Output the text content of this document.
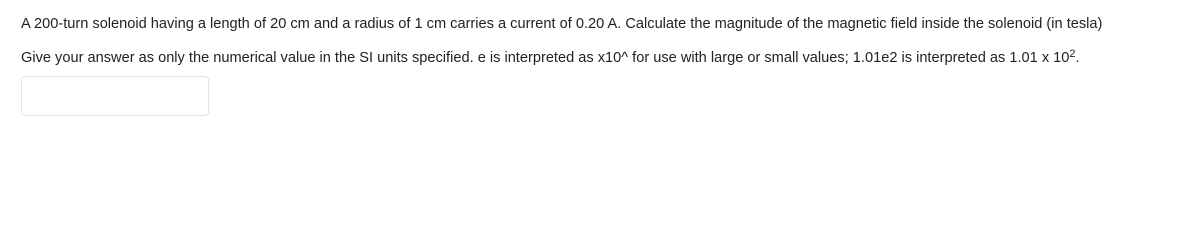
A 200-turn solenoid having a length of 20 cm and a radius of 1 cm carries a current of 0.20 A. Calculate the magnitude of the magnetic field inside the solenoid (in tesla)
Give your answer as only the numerical value in the SI units specified. e is interpreted as x10^ for use with large or small values; 1.01e2 is interpreted as 1.01 x $10^2$.
